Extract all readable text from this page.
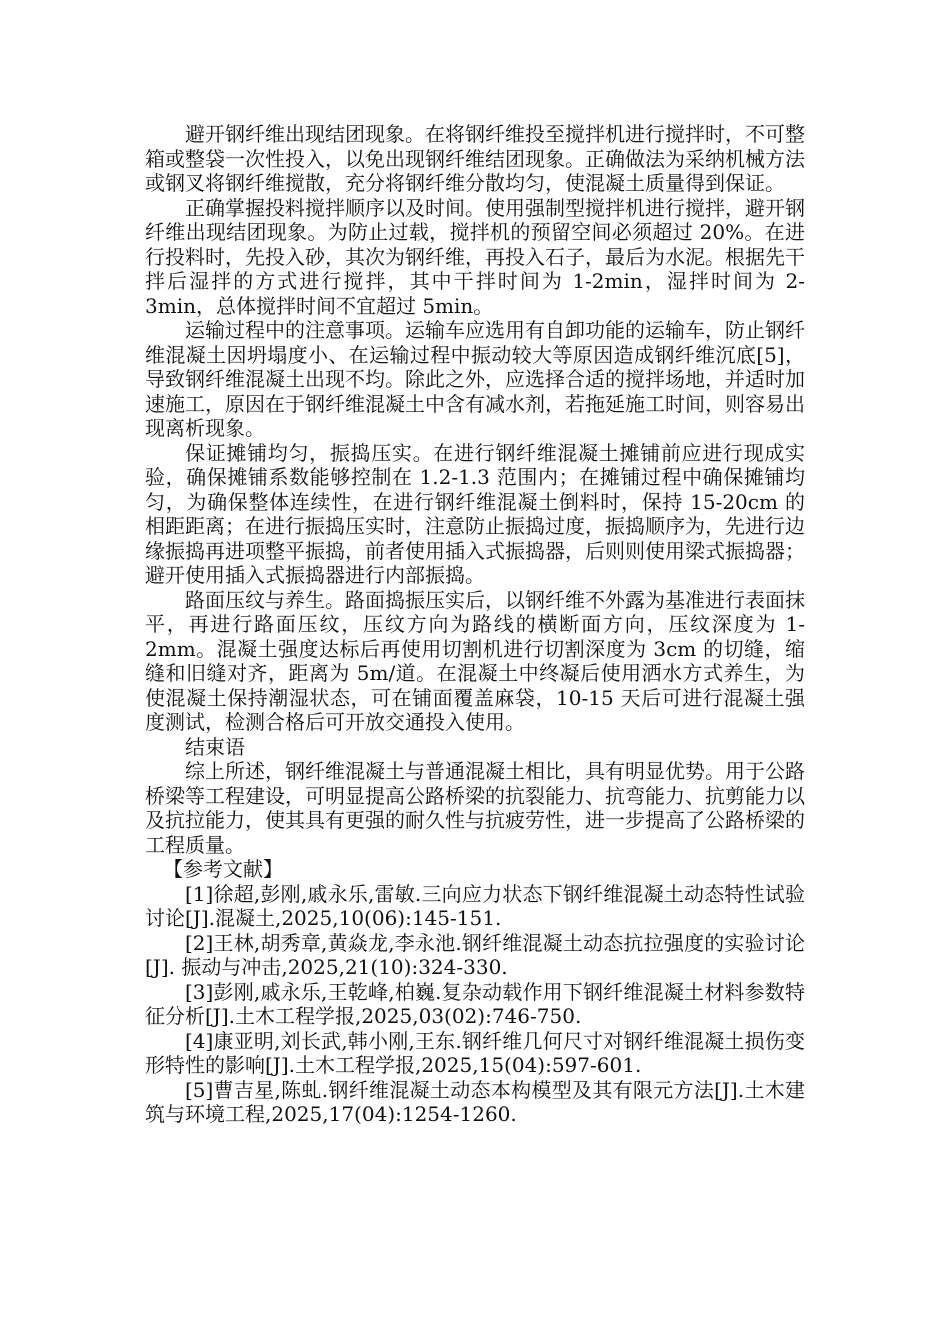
避开钢纤维出现结团现象。在将钢纤维投至搅拌机进行搅拌时，不可整箱或整袋一次性投入，以免出现钢纤维结团现象。正确做法为采纳机械方法或钢叉将钢纤维搅散，充分将钢纤维分散均匀，使混凝土质量得到保证。

正确掌握投料搅拌顺序以及时间。使用强制型搅拌机进行搅拌，避开钢纤维出现结团现象。为防止过载，搅拌机的预留空间必须超过 20%。在进行投料时，先投入砂，其次为钢纤维，再投入石子，最后为水泥。根据先干拌后湿拌的方式进行搅拌，其中干拌时间为 1-2min，湿拌时间为 2-3min，总体搅拌时间不宜超过 5min。

运输过程中的注意事项。运输车应选用有自卸功能的运输车，防止钢纤维混凝土因坍塌度小、在运输过程中振动较大等原因造成钢纤维沉底[5]，导致钢纤维混凝土出现不均。除此之外，应选择合适的搅拌场地，并适时加速施工，原因在于钢纤维混凝土中含有减水剂，若拖延施工时间，则容易出现离析现象。

保证摊铺均匀，振捣压实。在进行钢纤维混凝土摊铺前应进行现成实验，确保摊铺系数能够控制在 1.2-1.3 范围内；在摊铺过程中确保摊铺均匀，为确保整体连续性，在进行钢纤维混凝土倒料时，保持 15-20cm 的相距距离；在进行振捣压实时，注意防止振捣过度，振捣顺序为，先进行边缘振捣再进项整平振捣，前者使用插入式振捣器，后则则使用梁式振捣器；避开使用插入式振捣器进行内部振捣。

路面压纹与养生。路面捣振压实后，以钢纤维不外露为基准进行表面抹平，再进行路面压纹，压纹方向为路线的横断面方向，压纹深度为 1-2mm。混凝土强度达标后再使用切割机进行切割深度为 3cm 的切缝，缩缝和旧缝对齐，距离为 5m/道。在混凝土中终凝后使用洒水方式养生，为使混凝土保持潮湿状态，可在铺面覆盖麻袋，10-15 天后可进行混凝土强度测试，检测合格后可开放交通投入使用。

结束语

综上所述，钢纤维混凝土与普通混凝土相比，具有明显优势。用于公路桥梁等工程建设，可明显提高公路桥梁的抗裂能力、抗弯能力、抗剪能力以及抗拉能力，使其具有更强的耐久性与抗疲劳性，进一步提高了公路桥梁的工程质量。

【参考文献】

[1]徐超,彭刚,戚永乐,雷敏.三向应力状态下钢纤维混凝土动态特性试验讨论[J].混凝土,2025,10(06):145-151.

[2]王林,胡秀章,黄焱龙,李永池.钢纤维混凝土动态抗拉强度的实验讨论[J]. 振动与冲击,2025,21(10):324-330.

[3]彭刚,戚永乐,王乾峰,柏巍.复杂动载作用下钢纤维混凝土材料参数特征分析[J].土木工程学报,2025,03(02):746-750.

[4]康亚明,刘长武,韩小刚,王东.钢纤维几何尺寸对钢纤维混凝土损伤变形特性的影响[J].土木工程学报,2025,15(04):597-601.

[5]曹吉星,陈虬.钢纤维混凝土动态本构模型及其有限元方法[J].土木建筑与环境工程,2025,17(04):1254-1260.
